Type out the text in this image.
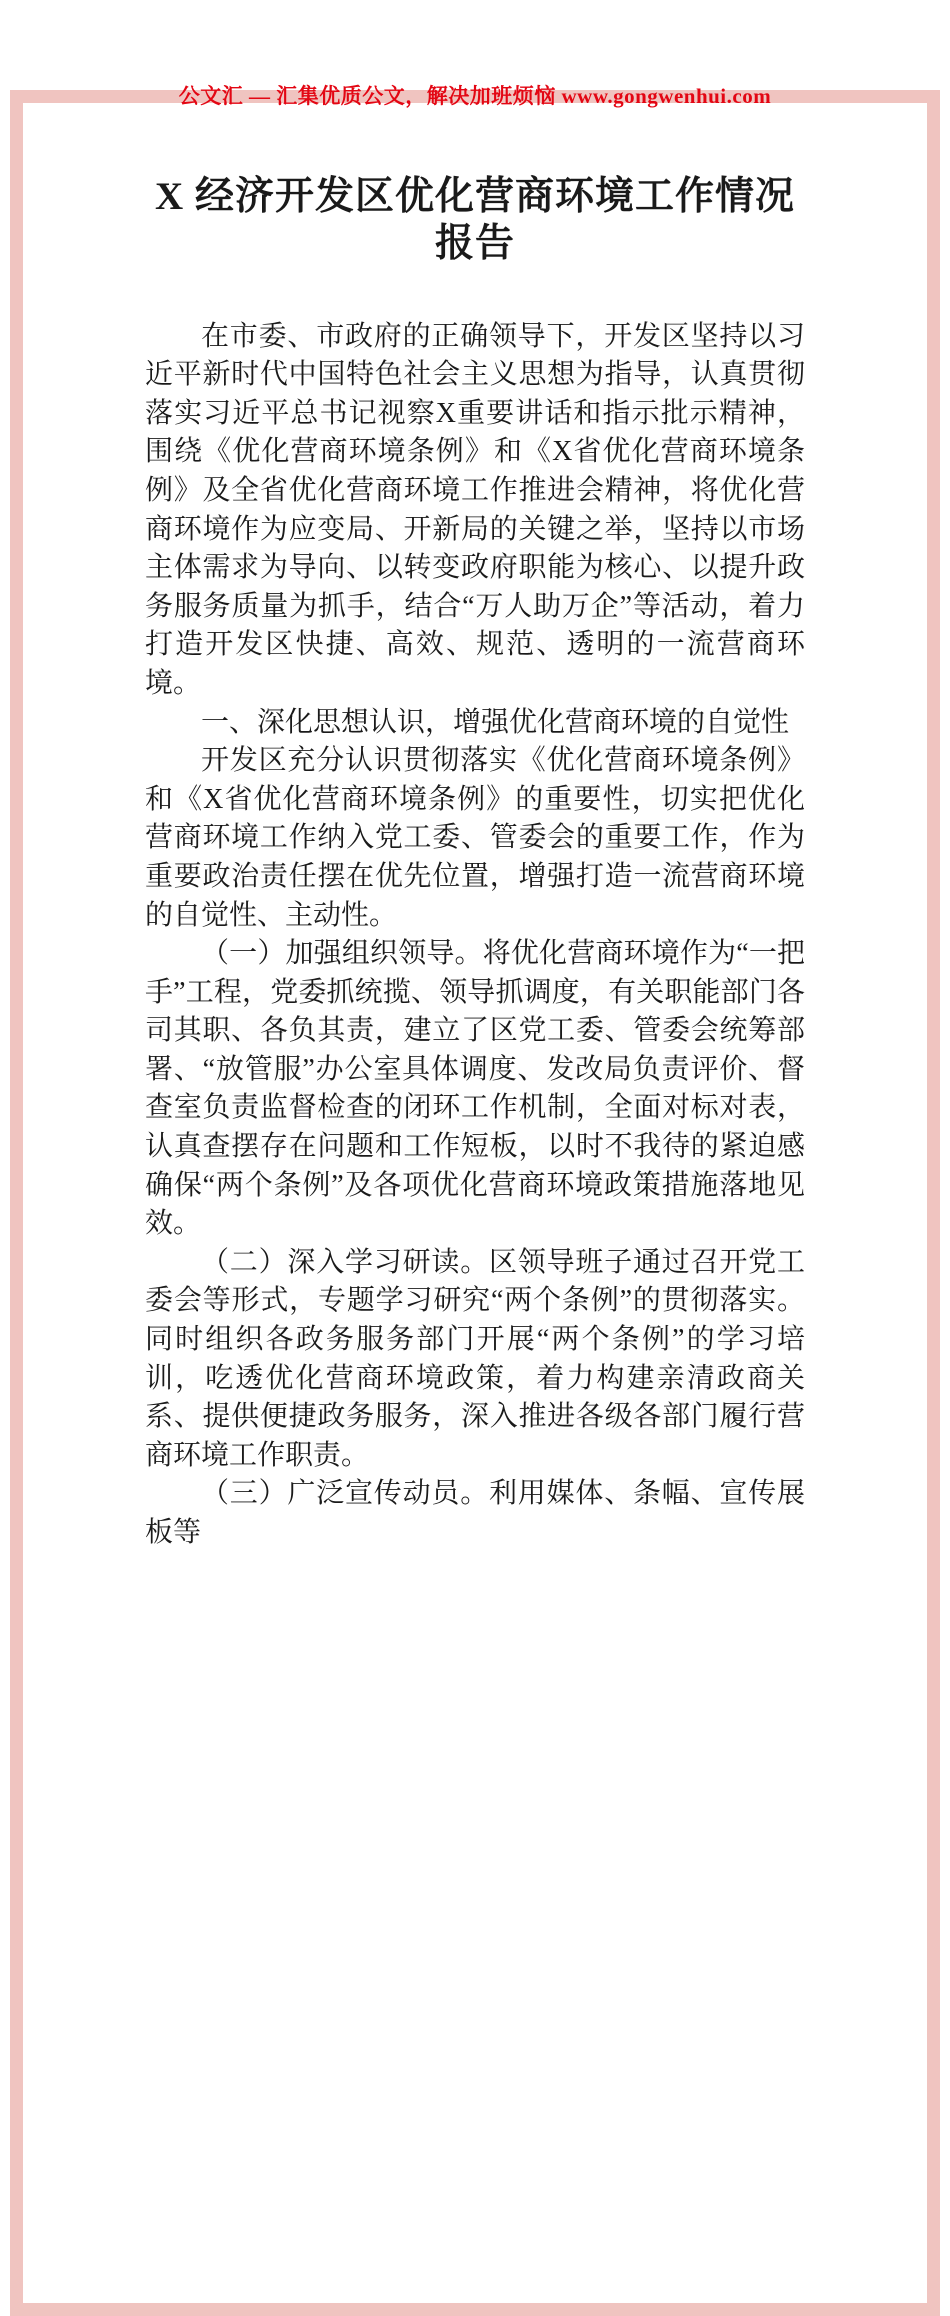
公文汇 — 汇集优质公文，解决加班烦恼 www.gongwenhui.com
X 经济开发区优化营商环境工作情况报告

在市委、市政府的正确领导下，开发区坚持以习近平新时代中国特色社会主义思想为指导，认真贯彻落实习近平总书记视察X重要讲话和指示批示精神，围绕《优化营商环境条例》和《X省优化营商环境条例》及全省优化营商环境工作推进会精神，将优化营商环境作为应变局、开新局的关键之举，坚持以市场主体需求为导向、以转变政府职能为核心、以提升政务服务质量为抓手，结合“万人助万企”等活动，着力打造开发区快捷、高效、规范、透明的一流营商环境。

一、深化思想认识，增强优化营商环境的自觉性

开发区充分认识贯彻落实《优化营商环境条例》和《X省优化营商环境条例》的重要性，切实把优化营商环境工作纳入党工委、管委会的重要工作，作为重要政治责任摆在优先位置，增强打造一流营商环境的自觉性、主动性。

（一）加强组织领导。将优化营商环境作为“一把手”工程，党委抓统揽、领导抓调度，有关职能部门各司其职、各负其责，建立了区党工委、管委会统筹部署、“放管服”办公室具体调度、发改局负责评价、督查室负责监督检查的闭环工作机制，全面对标对表，认真查摆存在问题和工作短板，以时不我待的紧迫感确保“两个条例”及各项优化营商环境政策措施落地见效。

（二）深入学习研读。区领导班子通过召开党工委会等形式，专题学习研究“两个条例”的贯彻落实。同时组织各政务服务部门开展“两个条例”的学习培训，吃透优化营商环境政策，着力构建亲清政商关系、提供便捷政务服务，深入推进各级各部门履行营商环境工作职责。

（三）广泛宣传动员。利用媒体、条幅、宣传展板等
